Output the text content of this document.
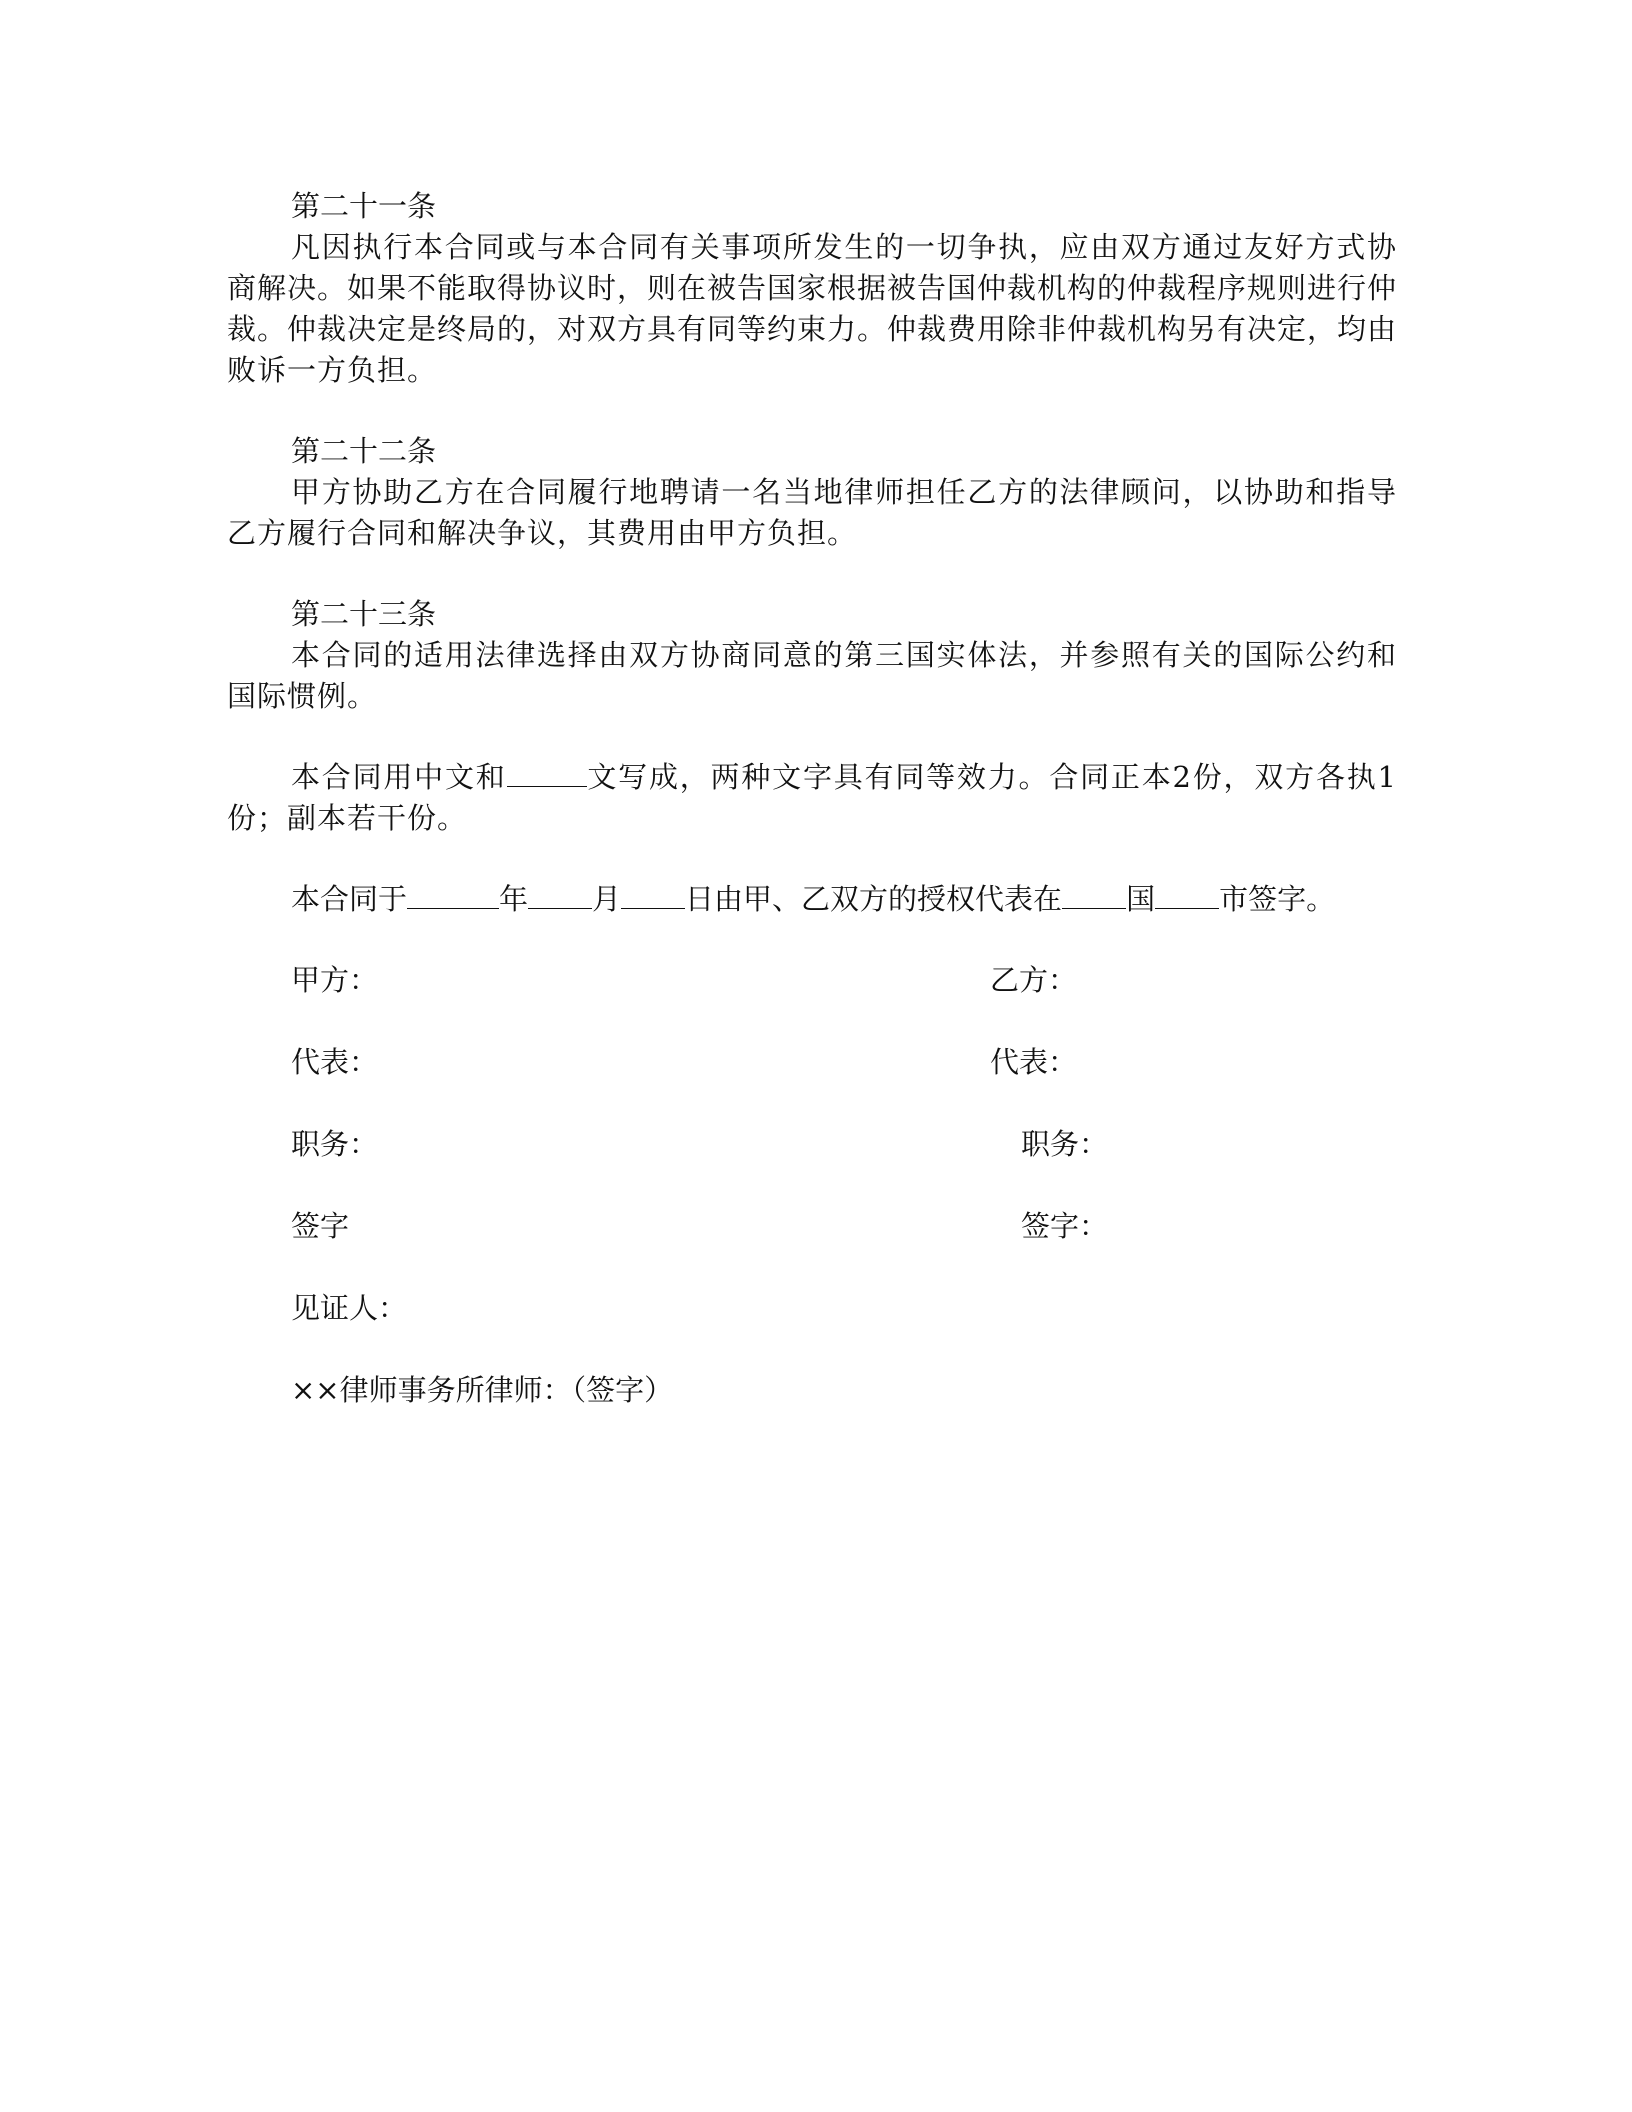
第二十一条

凡因执行本合同或与本合同有关事项所发生的一切争执，应由双方通过友好方式协商解决。如果不能取得协议时，则在被告国家根据被告国仲裁机构的仲裁程序规则进行仲裁。仲裁决定是终局的，对双方具有同等约束力。仲裁费用除非仲裁机构另有决定，均由败诉一方负担。

第二十二条

甲方协助乙方在合同履行地聘请一名当地律师担任乙方的法律顾问，以协助和指导乙方履行合同和解决争议，其费用由甲方负担。

第二十三条

本合同的适用法律选择由双方协商同意的第三国实体法，并参照有关的国际公约和国际惯例。

本合同用中文和	文写成，两种文字具有同等效力。合同正本2份，双方各执1份；副本若干份。

本合同于	年 月 日由甲、乙双方的授权代表在 国 市签字。

甲方：	乙方：
代表：	代表：
职务：	职务：
签字	签字：
见证人：
××律师事务所律师：（签字）
